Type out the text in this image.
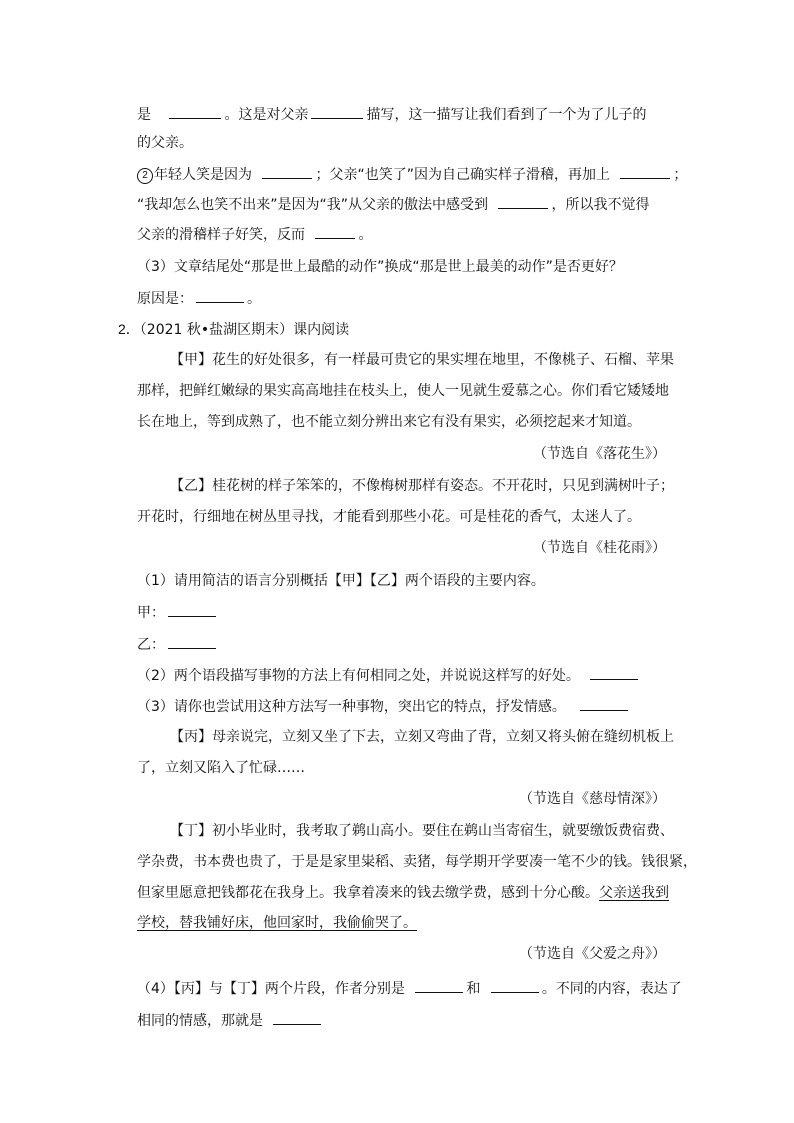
是	。这是对父亲	描写，这一描写让我们看到了一个为了儿子的
的父亲。
2 年轻人笑是因为	；父亲“也笑了”因为自己确实样子滑稽，再加上	；
“我却怎么也笑不出来”是因为“我”从父亲的傲法中感受到	，所以我不觉得
父亲的滑稽样子好笑，反而	。
（3）文章结尾处“那是世上最酷的动作”换成“那是世上最美的动作”是否更好？
原因是：	。
2．（2021 秋•盐湖区期末）课内阅读
【甲】花生的好处很多，有一样最可贵它的果实埋在地里，不像桃子、石榴、苹果
那样，把鲜红嫩绿的果实高高地挂在枝头上，使人一见就生爱慕之心。你们看它矮矮地
长在地上，等到成熟了，也不能立刻分辨出来它有没有果实，必须挖起来才知道。
（节选自《落花生》）
【乙】桂花树的样子笨笨的，不像梅树那样有姿态。不开花时，只见到满树叶子；
开花时，行细地在树丛里寻找，才能看到那些小花。可是桂花的香气，太迷人了。
（节选自《桂花雨》）
（1）请用简洁的语言分别概括【甲】【乙】两个语段的主要内容。
甲：
乙：
（2）两个语段描写事物的方法上有何相同之处，并说说这样写的好处。
（3）请你也尝试用这种方法写一种事物，突出它的特点，抒发情感。
【丙】母亲说完，立刻又坐了下去，立刻又弯曲了背，立刻又将头俯在缝纫机板上
了，立刻又陷入了忙碌……
（节选自《慈母情深》）
【丁】初小毕业时，我考取了鹈山高小。要住在鹈山当寄宿生，就要缴饭费宿费、
学杂费，书本费也贵了，于是是家里粜稻、卖猪，每学期开学要凑一笔不少的钱。钱很紧，
但家里愿意把钱都花在我身上。我拿着凑来的钱去缴学费，感到十分心酸。父亲送我到
学校，替我铺好床，他回家时，我偷偷哭了。
（节选自《父爱之舟》）
（4）【丙】与【丁】两个片段，作者分别是	和	。不同的内容，表达了
相同的情感，那就是
